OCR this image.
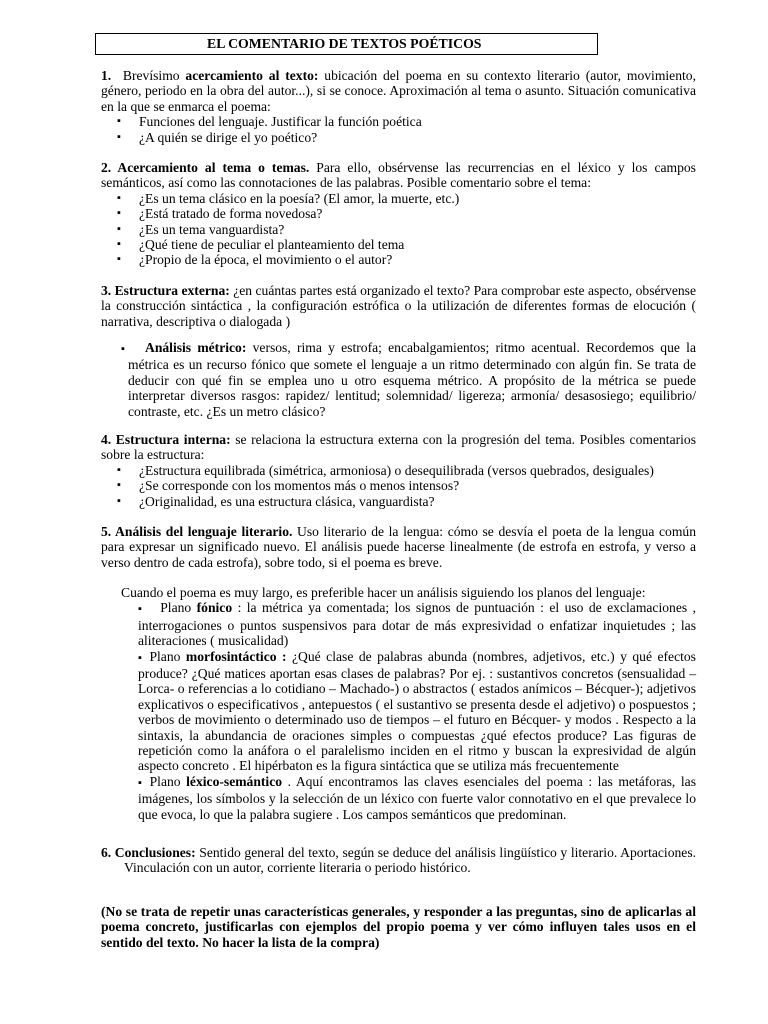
EL COMENTARIO DE TEXTOS POÉTICOS
1. Brevísimo acercamiento al texto: ubicación del poema en su contexto literario (autor, movimiento, género, periodo en la obra del autor...), si se conoce. Aproximación al tema o asunto. Situación comunicativa en la que se enmarca el poema:
▪ Funciones del lenguaje. Justificar la función poética
▪ ¿A quién se dirige el yo poético?
2. Acercamiento al tema o temas. Para ello, obsérvense las recurrencias en el léxico y los campos semánticos, así como las connotaciones de las palabras. Posible comentario sobre el tema:
▪ ¿Es un tema clásico en la poesía? (El amor, la muerte, etc.)
▪ ¿Está tratado de forma novedosa?
▪ ¿Es un tema vanguardista?
▪ ¿Qué tiene de peculiar el planteamiento del tema
▪ ¿Propio de la época, el movimiento o el autor?
3. Estructura externa: ¿en cuántas partes está organizado el texto? Para comprobar este aspecto, obsérvense la construcción sintáctica , la configuración estrófica o la utilización de diferentes formas de elocución ( narrativa, descriptiva o dialogada )
▪ Análisis métrico: versos, rima y estrofa; encabalgamientos; ritmo acentual. Recordemos que la métrica es un recurso fónico que somete el lenguaje a un ritmo determinado con algún fin. Se trata de deducir con qué fin se emplea uno u otro esquema métrico. A propósito de la métrica se puede interpretar diversos rasgos: rapidez/ lentitud; solemnidad/ ligereza; armonía/ desasosiego; equilibrio/ contraste, etc. ¿Es un metro clásico?
4. Estructura interna: se relaciona la estructura externa con la progresión del tema. Posibles comentarios sobre la estructura:
▪ ¿Estructura equilibrada (simétrica, armoniosa) o desequilibrada (versos quebrados, desiguales)
▪ ¿Se corresponde con los momentos más o menos intensos?
▪ ¿Originalidad, es una estructura clásica, vanguardista?
5. Análisis del lenguaje literario. Uso literario de la lengua: cómo se desvía el poeta de la lengua común para expresar un significado nuevo. El análisis puede hacerse linealmente (de estrofa en estrofa, y verso a verso dentro de cada estrofa), sobre todo, si el poema es breve.
Cuando el poema es muy largo, es preferible hacer un análisis siguiendo los planos del lenguaje:
▪ Plano fónico : la métrica ya comentada; los signos de puntuación : el uso de exclamaciones , interrogaciones o puntos suspensivos para dotar de más expresividad o enfatizar inquietudes ; las aliteraciones ( musicalidad)
▪ Plano morfosintáctico : ¿Qué clase de palabras abunda (nombres, adjetivos, etc.) y qué efectos produce? ¿Qué matices aportan esas clases de palabras? Por ej. : sustantivos concretos (sensualidad –Lorca- o referencias a lo cotidiano – Machado-) o abstractos ( estados anímicos – Bécquer-); adjetivos explicativos o especificativos , antepuestos ( el sustantivo se presenta desde el adjetivo) o pospuestos ; verbos de movimiento o determinado uso de tiempos – el futuro en Bécquer- y modos . Respecto a la sintaxis, la abundancia de oraciones simples o compuestas ¿qué efectos produce? Las figuras de repetición como la anáfora o el paralelismo inciden en el ritmo y buscan la expresividad de algún aspecto concreto . El hipérbaton es la figura sintáctica que se utiliza más frecuentemente
▪ Plano léxico-semántico . Aquí encontramos las claves esenciales del poema : las metáforas, las imágenes, los símbolos y la selección de un léxico con fuerte valor connotativo en el que prevalece lo que evoca, lo que la palabra sugiere . Los campos semánticos que predominan.
6. Conclusiones: Sentido general del texto, según se deduce del análisis lingüístico y literario. Aportaciones. Vinculación con un autor, corriente literaria o periodo histórico.
(No se trata de repetir unas características generales, y responder a las preguntas, sino de aplicarlas al poema concreto, justificarlas con ejemplos del propio poema y ver cómo influyen tales usos en el sentido del texto. No hacer la lista de la compra)
